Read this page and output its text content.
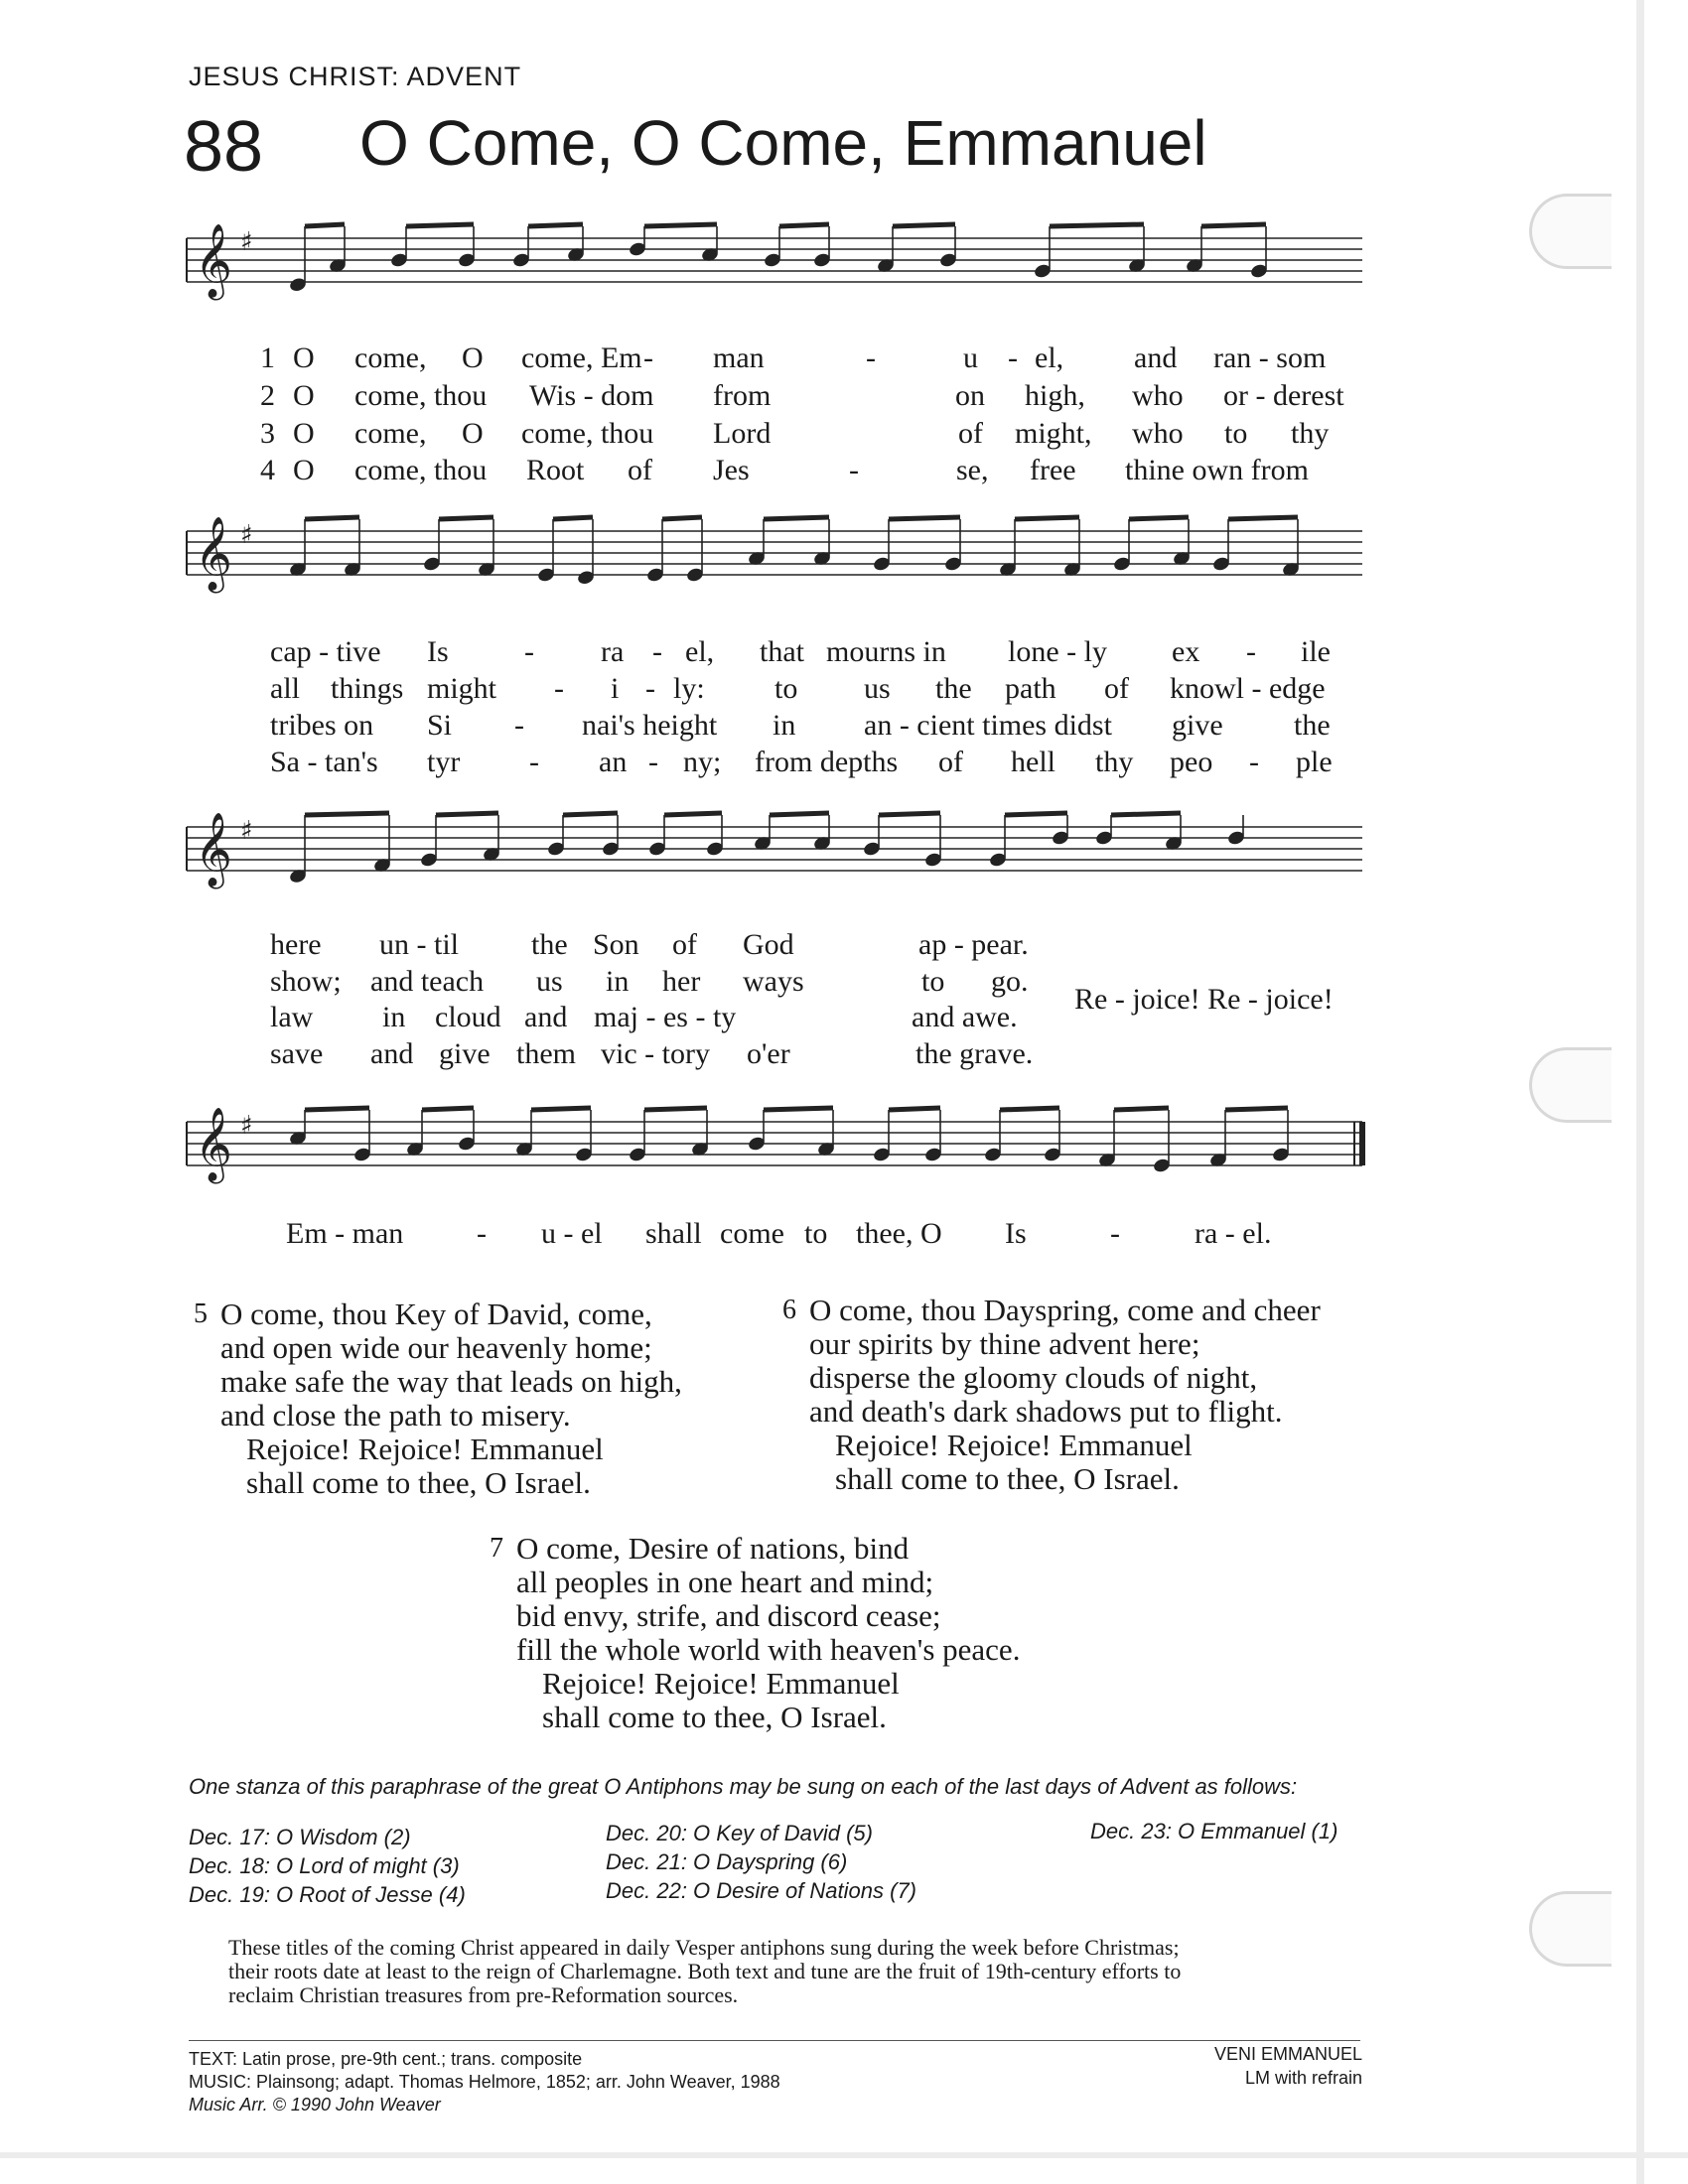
JESUS CHRIST: ADVENT
88 O Come, O Come, Emmanuel
𝄞 ♯
𝄞 ♯
𝄞 ♯
𝄞 ♯
1 O come, O come, Em - man	-	u - el, and ran - som
2 O come, thou Wis - dom from	on high, who or - derest
3 O come, O come, thou Lord	of might, who to thy
4 O come, thou Root of Jes	-	se, free thine own from
cap - tive Is	- ra - el, that mourns in lone - ly ex - ile
all things might - i - ly: to us the path of knowl - edge
tribes on Si - nai's height in an - cient times didst give the
Sa - tan's tyr - an - ny; from depths of hell thy peo - ple
here un - til the Son of God	ap - pear.
show; and teach us in her ways	to go.
law in cloud and maj - es - ty	and awe.
save and give them vic - tory o'er	the grave.
Re - joice! Re - joice!
Em - man - u - el shall come to thee, O Is	-	ra - el.
5 O come, thou Key of David, come,
and open wide our heavenly home;
make safe the way that leads on high,
and close the path to misery.
Rejoice! Rejoice! Emmanuel
shall come to thee, O Israel.
6 O come, thou Dayspring, come and cheer
our spirits by thine advent here;
disperse the gloomy clouds of night,
and death's dark shadows put to flight.
Rejoice! Rejoice! Emmanuel
shall come to thee, O Israel.
7 O come, Desire of nations, bind
all peoples in one heart and mind;
bid envy, strife, and discord cease;
fill the whole world with heaven's peace.
Rejoice! Rejoice! Emmanuel
shall come to thee, O Israel.
One stanza of this paraphrase of the great O Antiphons may be sung on each of the last days of Advent as follows:
Dec. 17: O Wisdom (2)
Dec. 18: O Lord of might (3)
Dec. 19: O Root of Jesse (4)
Dec. 20: O Key of David (5)
Dec. 21: O Dayspring (6)
Dec. 22: O Desire of Nations (7)
Dec. 23: O Emmanuel (1)
These titles of the coming Christ appeared in daily Vesper antiphons sung during the week before Christmas;
their roots date at least to the reign of Charlemagne. Both text and tune are the fruit of 19th-century efforts to
reclaim Christian treasures from pre-Reformation sources.
TEXT: Latin prose, pre-9th cent.; trans. composite
MUSIC: Plainsong; adapt. Thomas Helmore, 1852; arr. John Weaver, 1988
Music Arr. © 1990 John Weaver
VENI EMMANUEL
LM with refrain
